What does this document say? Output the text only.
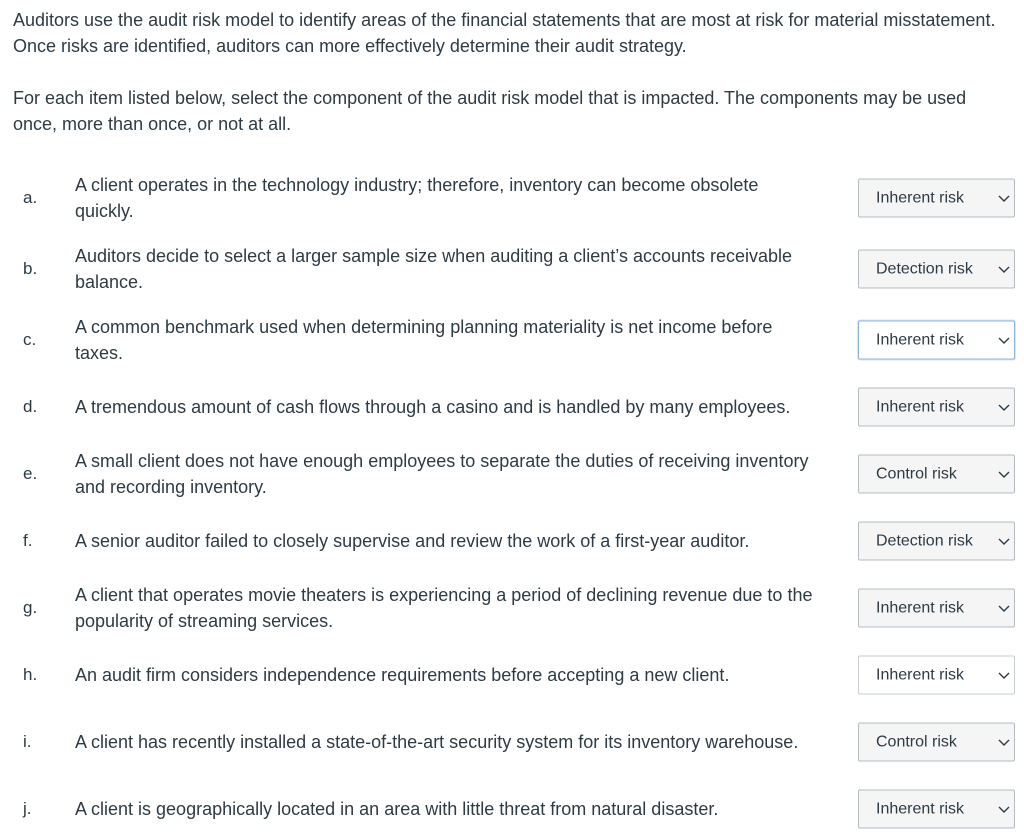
Auditors use the audit risk model to identify areas of the financial statements that are most at risk for material misstatement. Once risks are identified, auditors can more effectively determine their audit strategy.

For each item listed below, select the component of the audit risk model that is impacted. The components may be used once, more than once, or not at all.

a.
A client operates in the technology industry; therefore, inventory can become obsolete quickly.
Inherent risk
b.
Auditors decide to select a larger sample size when auditing a client’s accounts receivable balance.
Detection risk
c.
A common benchmark used when determining planning materiality is net income before taxes.
Inherent risk
d. A tremendous amount of cash flows through a casino and is handled by many employees.	Inherent risk
e.
A small client does not have enough employees to separate the duties of receiving inventory and recording inventory.
Control risk
f. A senior auditor failed to closely supervise and review the work of a first-year auditor.	Detection risk
g.
A client that operates movie theaters is experiencing a period of declining revenue due to the popularity of streaming services.
Inherent risk
h. An audit firm considers independence requirements before accepting a new client.	Inherent risk
i. A client has recently installed a state-of-the-art security system for its inventory warehouse.	Control risk
j. A client is geographically located in an area with little threat from natural disaster.	Inherent risk
